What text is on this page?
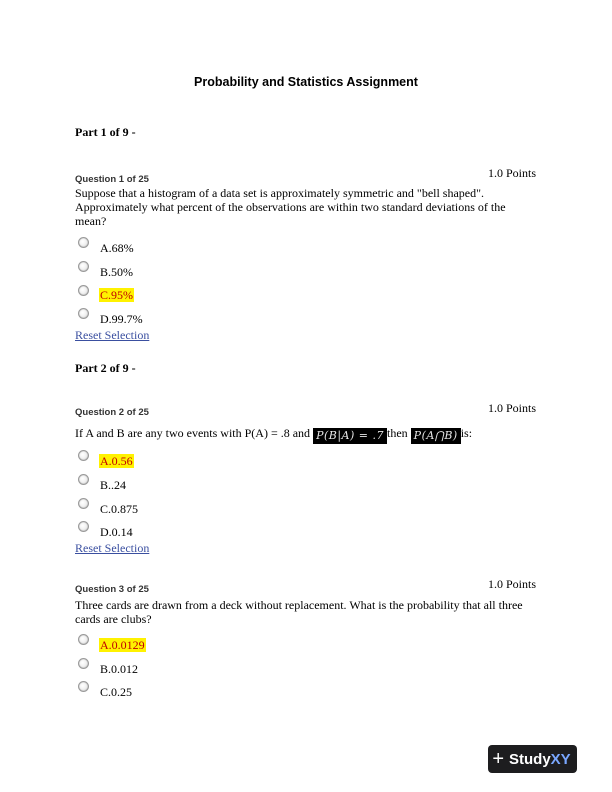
Probability and Statistics Assignment
Part 1 of 9 -
Question 1 of 25	1.0 Points
Suppose that a histogram of a data set is approximately symmetric and "bell shaped". Approximately what percent of the observations are within two standard deviations of the mean?
A.68%
B.50%
C.95%
D.99.7%
Reset Selection
Part 2 of 9 -
Question 2 of 25	1.0 Points
If A and B are any two events with P(A) = .8 and P(B|A) = .7 then P(A⋂B) is:
A.0.56
B..24
C.0.875
D.0.14
Reset Selection
Question 3 of 25	1.0 Points
Three cards are drawn from a deck without replacement. What is the probability that all three cards are clubs?
A.0.0129
B.0.012
C.0.25
+ Study XY
